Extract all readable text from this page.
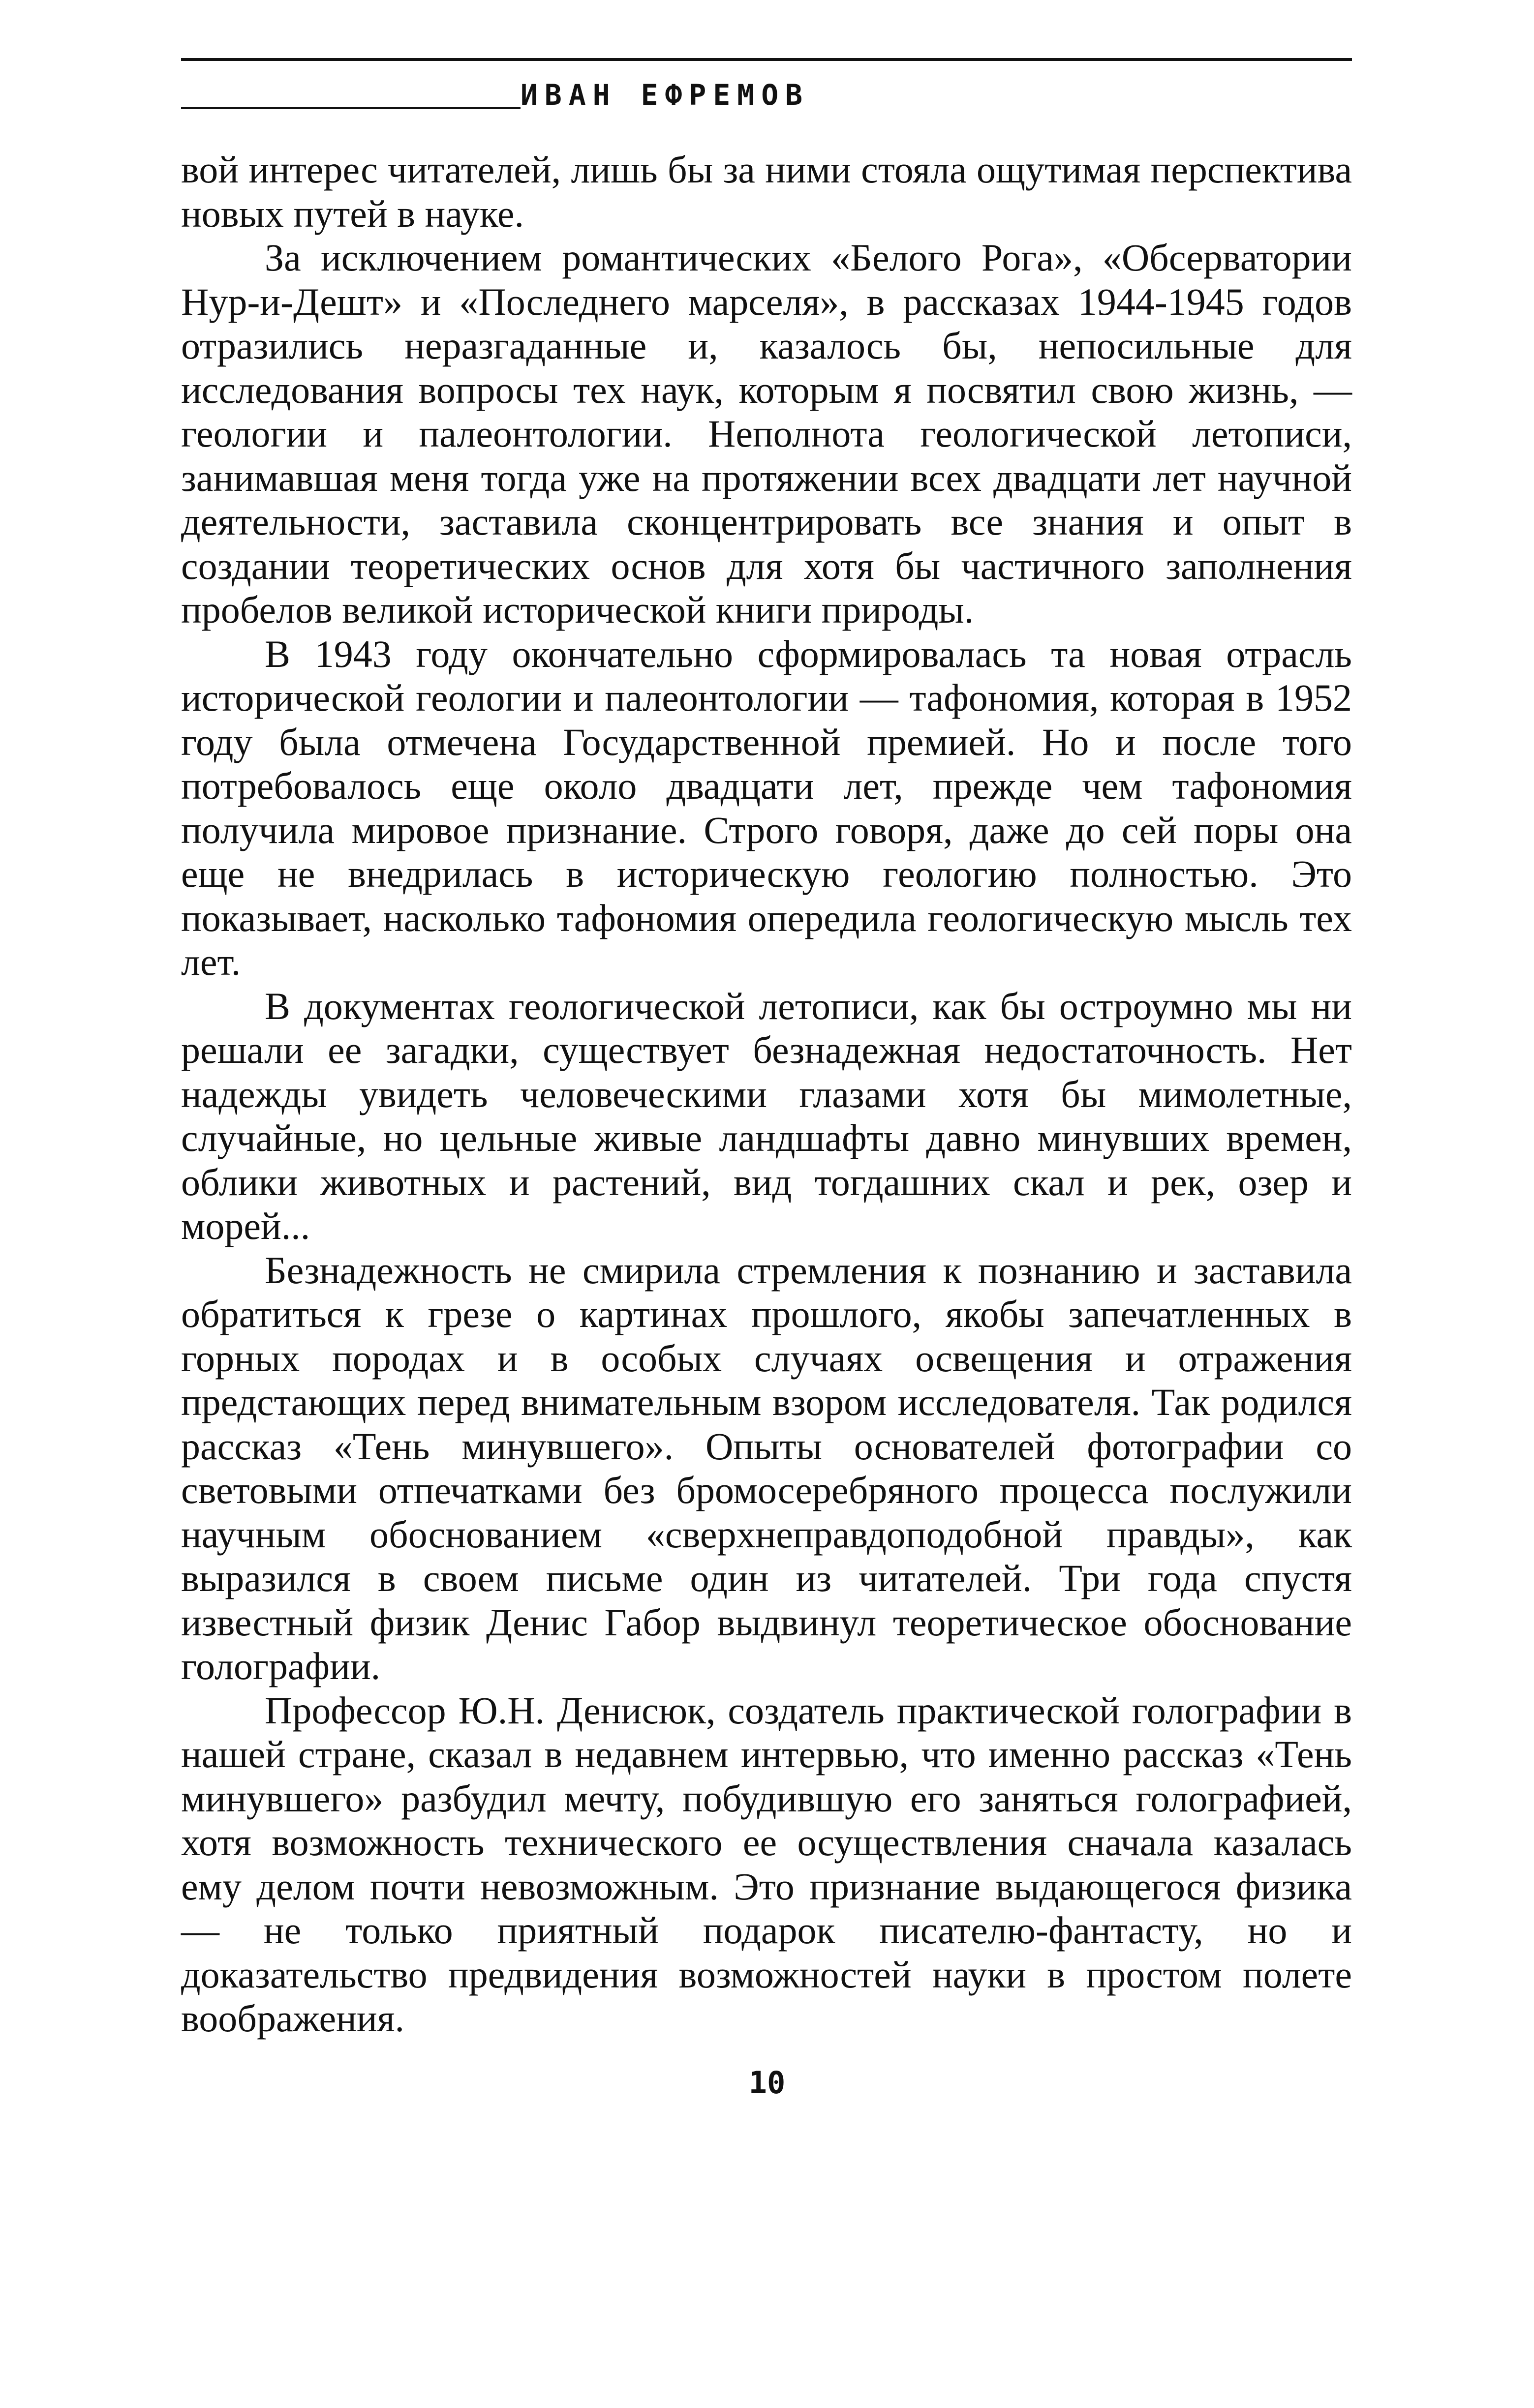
ИВАН ЕФРЕМОВ

вой интерес читателей, лишь бы за ними стояла ощутимая перспектива новых путей в науке.

За исключением романтических «Белого Рога», «Обсерватории Нур-и-Дешт» и «Последнего марселя», в рассказах 1944-1945 годов отразились неразгаданные и, казалось бы, непосильные для исследования вопросы тех наук, которым я посвятил свою жизнь, — геологии и палеонтологии. Неполнота геологической летописи, занимавшая меня тогда уже на протяжении всех двадцати лет научной деятельности, заставила сконцентрировать все знания и опыт в создании теоретических основ для хотя бы частичного заполнения пробелов великой исторической книги природы.

В 1943 году окончательно сформировалась та новая отрасль исторической геологии и палеонтологии — тафономия, которая в 1952 году была отмечена Государственной премией. Но и после того потребовалось еще около двадцати лет, прежде чем тафономия получила мировое признание. Строго говоря, даже до сей поры она еще не внедрилась в историческую геологию полностью. Это показывает, насколько тафономия опередила геологическую мысль тех лет.

В документах геологической летописи, как бы остроумно мы ни решали ее загадки, существует безнадежная недостаточность. Нет надежды увидеть человеческими глазами хотя бы мимолетные, случайные, но цельные живые ландшафты давно минувших времен, облики животных и растений, вид тогдашних скал и рек, озер и морей...

Безнадежность не смирила стремления к познанию и заставила обратиться к грезе о картинах прошлого, якобы запечатленных в горных породах и в особых случаях освещения и отражения предстающих перед внимательным взором исследователя. Так родился рассказ «Тень минувшего». Опыты основателей фотографии со световыми отпечатками без бромосеребряного процесса послужили научным обоснованием «сверхнеправдоподобной правды», как выразился в своем письме один из читателей. Три года спустя известный физик Денис Габор выдвинул теоретическое обоснование голографии.

Профессор Ю.Н. Денисюк, создатель практической голографии в нашей стране, сказал в недавнем интервью, что именно рассказ «Тень минувшего» разбудил мечту, побудившую его заняться голографией, хотя возможность технического ее осуществления сначала казалась ему делом почти невозможным. Это признание выдающегося физика — не только приятный подарок писателю-фантасту, но и доказательство предвидения возможностей науки в простом полете воображения.

10
